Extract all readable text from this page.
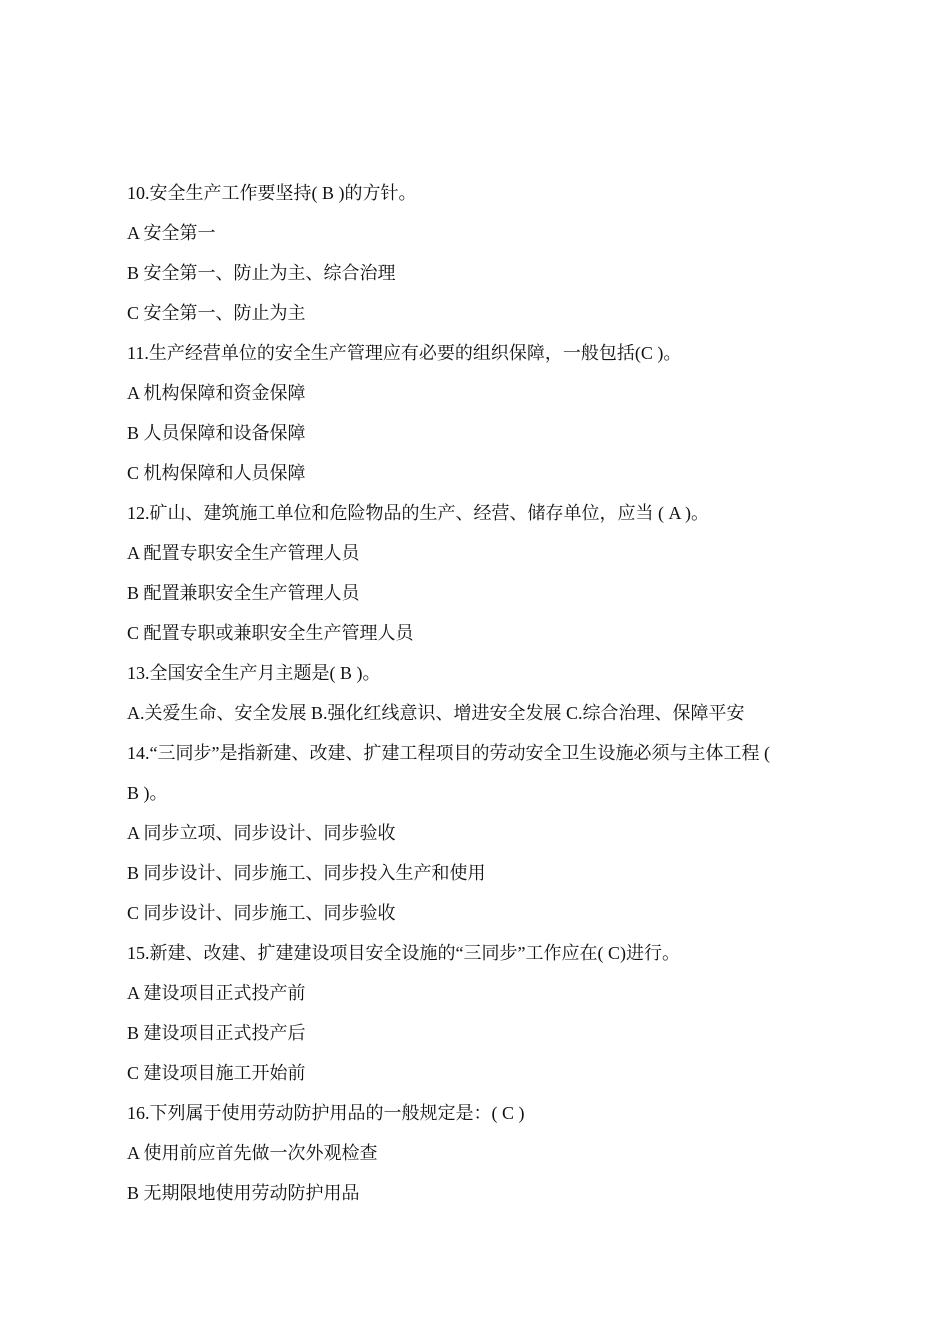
10.安全生产工作要坚持( B )的方针。
A 安全第一
B 安全第一、防止为主、综合治理
C 安全第一、防止为主
11.生产经营单位的安全生产管理应有必要的组织保障，一般包括(C )。
A 机构保障和资金保障
B 人员保障和设备保障
C 机构保障和人员保障
12.矿山、建筑施工单位和危险物品的生产、经营、储存单位，应当 ( A )。
A 配置专职安全生产管理人员
B 配置兼职安全生产管理人员
C 配置专职或兼职安全生产管理人员
13.全国安全生产月主题是( B )。
A.关爱生命、安全发展 B.强化红线意识、增进安全发展 C.综合治理、保障平安
14.“三同步”是指新建、改建、扩建工程项目的劳动安全卫生设施必须与主体工程 (
B )。
A 同步立项、同步设计、同步验收
B 同步设计、同步施工、同步投入生产和使用
C 同步设计、同步施工、同步验收
15.新建、改建、扩建建设项目安全设施的“三同步”工作应在( C)进行。
A 建设项目正式投产前
B 建设项目正式投产后
C 建设项目施工开始前
16.下列属于使用劳动防护用品的一般规定是：( C )
A 使用前应首先做一次外观检查
B 无期限地使用劳动防护用品
